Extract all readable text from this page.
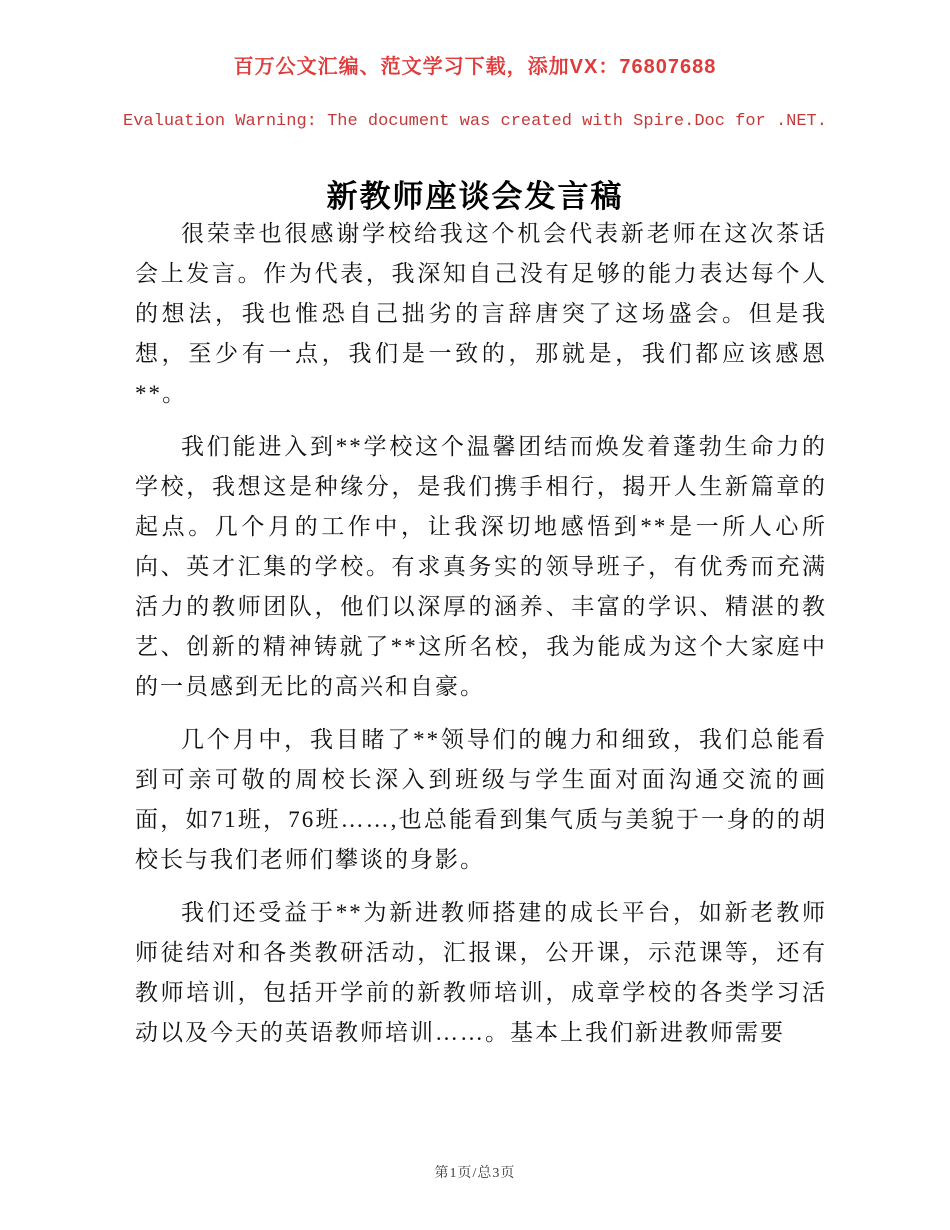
百万公文汇编、范文学习下载，添加VX：76807688
Evaluation Warning: The document was created with Spire.Doc for .NET.
新教师座谈会发言稿

很荣幸也很感谢学校给我这个机会代表新老师在这次茶话会上发言。作为代表，我深知自己没有足够的能力表达每个人的想法，我也惟恐自己拙劣的言辞唐突了这场盛会。但是我想，至少有一点，我们是一致的，那就是，我们都应该感恩**。

我们能进入到**学校这个温馨团结而焕发着蓬勃生命力的学校，我想这是种缘分，是我们携手相行，揭开人生新篇章的起点。几个月的工作中，让我深切地感悟到**是一所人心所向、英才汇集的学校。有求真务实的领导班子，有优秀而充满活力的教师团队，他们以深厚的涵养、丰富的学识、精湛的教艺、创新的精神铸就了**这所名校，我为能成为这个大家庭中的一员感到无比的高兴和自豪。

几个月中，我目睹了**领导们的魄力和细致，我们总能看到可亲可敬的周校长深入到班级与学生面对面沟通交流的画面，如71班，76班……,也总能看到集气质与美貌于一身的的胡校长与我们老师们攀谈的身影。

我们还受益于**为新进教师搭建的成长平台，如新老教师师徒结对和各类教研活动，汇报课，公开课，示范课等，还有教师培训，包括开学前的新教师培训，成章学校的各类学习活动以及今天的英语教师培训……。基本上我们新进教师需要

第1页/总3页
